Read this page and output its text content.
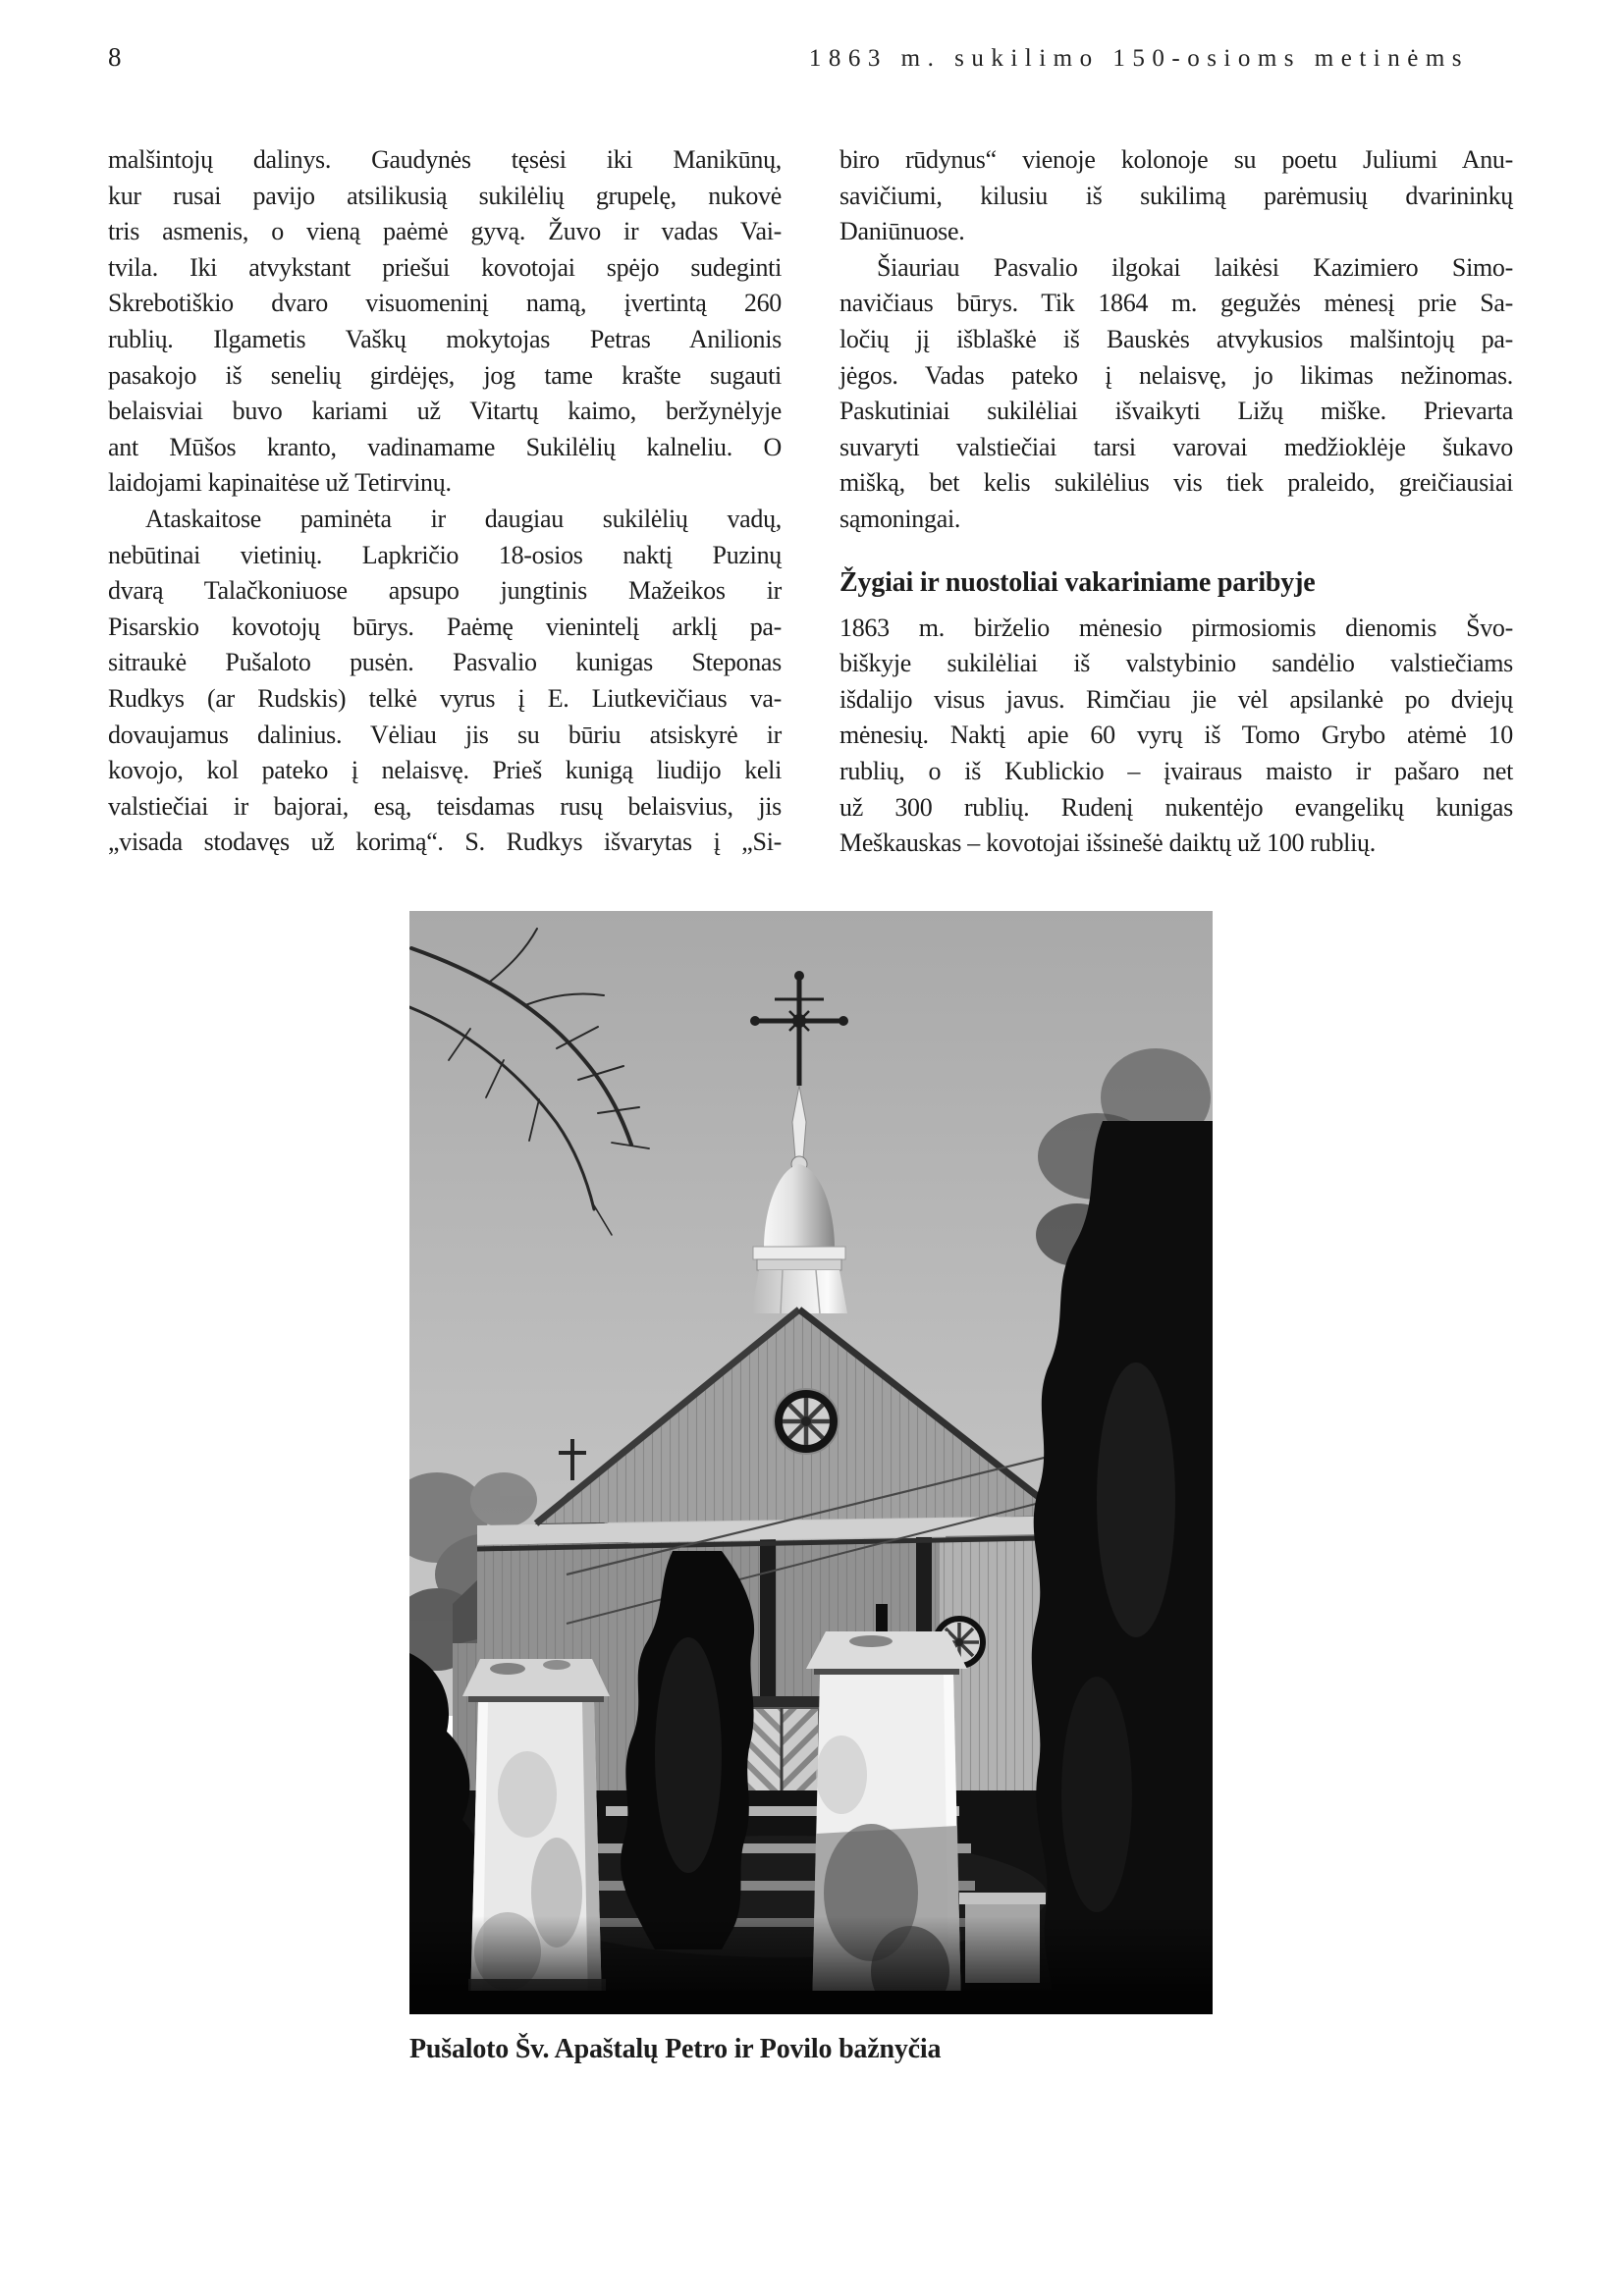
8	1863 m. sukilimo 150-osioms metinėms
malšintojų dalinys. Gaudynės tęsėsi iki Manikūnų,
kur rusai pavijo atsilikusią sukilėlių grupelę, nukovė
tris asmenis, o vieną paėmė gyvą. Žuvo ir vadas Vai-
tvila. Iki atvykstant priešui kovotojai spėjo sudeginti
Skrebotiškio dvaro visuomeninį namą, įvertintą 260
rublių. Ilgametis Vaškų mokytojas Petras Anilionis
pasakojo iš senelių girdėjęs, jog tame krašte sugauti
belaisviai buvo kariami už Vitartų kaimo, beržynėlyje
ant Mūšos kranto, vadinamame Sukilėlių kalneliu. O
laidojami kapinaitėse už Tetirvinų.
Ataskaitose paminėta ir daugiau sukilėlių vadų,
nebūtinai vietinių. Lapkričio 18-osios naktį Puzinų
dvarą Talačkoniuose apsupo jungtinis Mažeikos ir
Pisarskio kovotojų būrys. Paėmę vienintelį arklį pa-
sitraukė Pušaloto pusėn. Pasvalio kunigas Steponas
Rudkys (ar Rudskis) telkė vyrus į E. Liutkevičiaus va-
dovaujamus dalinius. Vėliau jis su būriu atsiskyrė ir
kovojo, kol pateko į nelaisvę. Prieš kunigą liudijo keli
valstiečiai ir bajorai, esą, teisdamas rusų belaisvius, jis
„visada stodavęs už korimą“. S. Rudkys išvarytas į „Si-
biro rūdynus“ vienoje kolonoje su poetu Juliumi Anu-
savičiumi, kilusiu iš sukilimą parėmusių dvarininkų
Daniūnuose.
Šiauriau Pasvalio ilgokai laikėsi Kazimiero Simo-
navičiaus būrys. Tik 1864 m. gegužės mėnesį prie Sa-
ločių jį išblaškė iš Bauskės atvykusios malšintojų pa-
jėgos. Vadas pateko į nelaisvę, jo likimas nežinomas.
Paskutiniai sukilėliai išvaikyti Ližų miške. Prievarta
suvaryti valstiečiai tarsi varovai medžioklėje šukavo
mišką, bet kelis sukilėlius vis tiek praleido, greičiausiai
sąmoningai.
Žygiai ir nuostoliai vakariniame paribyje
1863 m. birželio mėnesio pirmosiomis dienomis Švo-
biškyje sukilėliai iš valstybinio sandėlio valstiečiams
išdalijo visus javus. Rimčiau jie vėl apsilankė po dviejų
mėnesių. Naktį apie 60 vyrų iš Tomo Grybo atėmė 10
rublių, o iš Kublickio – įvairaus maisto ir pašaro net
už 300 rublių. Rudenį nukentėjo evangelikų kunigas
Meškauskas – kovotojai išsinešė daiktų už 100 rublių.
Pušaloto Šv. Apaštalų Petro ir Povilo bažnyčia
